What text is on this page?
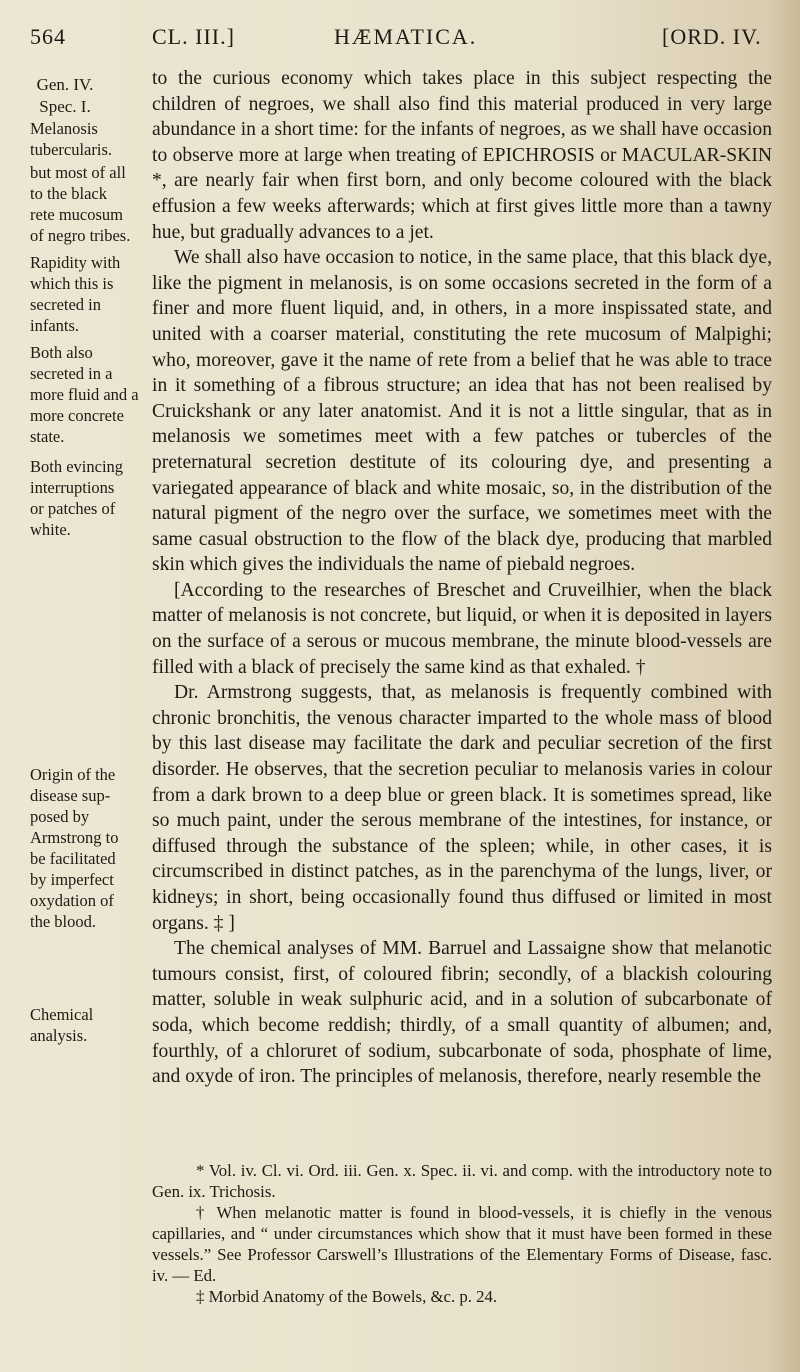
564	CL. III.]	HÆMATICA.	[ORD. IV.
Gen. IV.
Spec. I.
Melanosis
tubercularis.
but most of all
to the black
rete mucosum
of negro tribes.
Rapidity with
which this is
secreted in
infants.
Both also
secreted in a
more fluid and a
more concrete
state.
Both evincing
interruptions
or patches of
white.
Origin of the
disease sup-
posed by
Armstrong to
be facilitated
by imperfect
oxydation of
the blood.
Chemical
analysis.

to the curious economy which takes place in this subject respecting the children of negroes, we shall also find this material produced in very large abundance in a short time: for the infants of negroes, as we shall have occasion to observe more at large when treating of EPICHROSIS or MACULAR-SKIN *, are nearly fair when first born, and only become coloured with the black effusion a few weeks afterwards; which at first gives little more than a tawny hue, but gradually advances to a jet.

We shall also have occasion to notice, in the same place, that this black dye, like the pigment in melanosis, is on some occasions secreted in the form of a finer and more fluent liquid, and, in others, in a more inspissated state, and united with a coarser material, constituting the rete mucosum of Malpighi; who, moreover, gave it the name of rete from a belief that he was able to trace in it something of a fibrous structure; an idea that has not been realised by Cruickshank or any later anatomist. And it is not a little singular, that as in melanosis we sometimes meet with a few patches or tubercles of the preternatural secretion destitute of its colouring dye, and presenting a variegated appearance of black and white mosaic, so, in the distribution of the natural pigment of the negro over the surface, we sometimes meet with the same casual obstruction to the flow of the black dye, producing that marbled skin which gives the individuals the name of piebald negroes.

[According to the researches of Breschet and Cruveilhier, when the black matter of melanosis is not concrete, but liquid, or when it is deposited in layers on the surface of a serous or mucous membrane, the minute blood-vessels are filled with a black of precisely the same kind as that exhaled. †

Dr. Armstrong suggests, that, as melanosis is frequently combined with chronic bronchitis, the venous character imparted to the whole mass of blood by this last disease may facilitate the dark and peculiar secretion of the first disorder. He observes, that the secretion peculiar to melanosis varies in colour from a dark brown to a deep blue or green black. It is sometimes spread, like so much paint, under the serous membrane of the intestines, for instance, or diffused through the substance of the spleen; while, in other cases, it is circumscribed in distinct patches, as in the parenchyma of the lungs, liver, or kidneys; in short, being occasionally found thus diffused or limited in most organs. ‡ ]

The chemical analyses of MM. Barruel and Lassaigne show that melanotic tumours consist, first, of coloured fibrin; secondly, of a blackish colouring matter, soluble in weak sulphuric acid, and in a solution of subcarbonate of soda, which become reddish; thirdly, of a small quantity of albumen; and, fourthly, of a chloruret of sodium, subcarbonate of soda, phosphate of lime, and oxyde of iron. The principles of melanosis, therefore, nearly resemble the

* Vol. iv. Cl. vi. Ord. iii. Gen. x. Spec. ii. vi. and comp. with the introductory note to Gen. ix. Trichosis.

† When melanotic matter is found in blood-vessels, it is chiefly in the venous capillaries, and “ under circumstances which show that it must have been formed in these vessels.” See Professor Carswell’s Illustrations of the Elementary Forms of Disease, fasc. iv. — Ed.

‡ Morbid Anatomy of the Bowels, &c. p. 24.
